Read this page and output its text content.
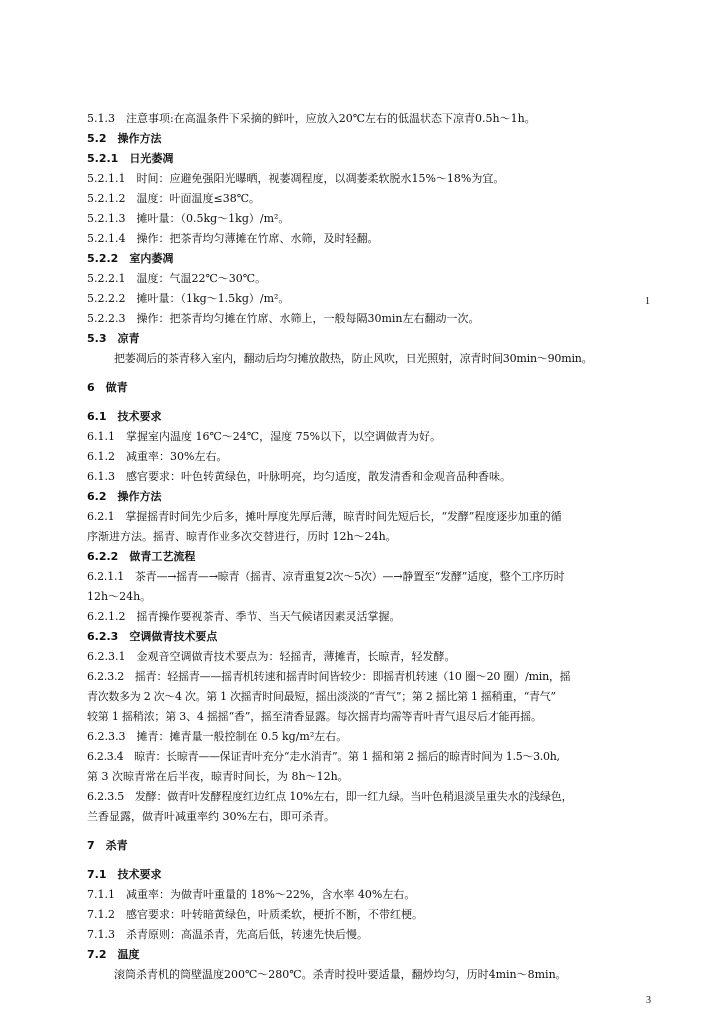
5.1.3　注意事项:在高温条件下采摘的鲜叶，应放入20℃左右的低温状态下凉青0.5h～1h。

5.2　操作方法

5.2.1　日光萎凋

5.2.1.1　时间：应避免强阳光曝晒，视萎凋程度，以凋萎柔软脱水15%～18%为宜。

5.2.1.2　温度：叶面温度≤38℃。

5.2.1.3　摊叶量：（0.5kg～1kg）/m²。

5.2.1.4　操作：把茶青均匀薄摊在竹席、水筛，及时轻翻。

5.2.2　室内萎凋

5.2.2.1　温度：气温22℃～30℃。

5.2.2.2　摊叶量：（1kg～1.5kg）/m²。

5.2.2.3　操作：把茶青均匀摊在竹席、水筛上，一般每隔30min左右翻动一次。

1

5.3　凉青

把萎凋后的茶青移入室内，翻动后均匀摊放散热，防止风吹，日光照射，凉青时间30min～90min。

6　做青

6.1　技术要求

6.1.1　掌握室内温度 16℃～24℃，湿度 75%以下，以空调做青为好。

6.1.2　减重率：30%左右。

6.1.3　感官要求：叶色转黄绿色，叶脉明亮，均匀适度，散发清香和金观音品种香味。

6.2　操作方法

6.2.1　掌握摇青时间先少后多，摊叶厚度先厚后薄，晾青时间先短后长，“发酵”程度逐步加重的循

序渐进方法。摇青、晾青作业多次交替进行，历时 12h～24h。

6.2.2　做青工艺流程

6.2.1.1　茶青—→摇青—→晾青（摇青、凉青重复2次～5次）—→静置至“发酵”适度，整个工序历时

12h～24h。

6.2.1.2　摇青操作要视茶青、季节、当天气候诸因素灵活掌握。

6.2.3　空调做青技术要点

6.2.3.1　金观音空调做青技术要点为：轻摇青，薄摊青，长晾青，轻发酵。

6.2.3.2　摇青：轻摇青——摇青机转速和摇青时间皆较少：即摇青机转速（10 圈～20 圈）/min，摇

青次数多为 2 次～4 次。第 1 次摇青时间最短，摇出淡淡的“青气”；第 2 摇比第 1 摇稍重，“青气”

较第 1 摇稍浓；第 3、4 摇摇“香”，摇至清香显露。每次摇青均需等青叶青气退尽后才能再摇。

6.2.3.3　摊青：摊青量一般控制在 0.5 kg/m²左右。

6.2.3.4　晾青：长晾青——保证青叶充分“走水消青”。第 1 摇和第 2 摇后的晾青时间为 1.5～3.0h,

第 3 次晾青常在后半夜，晾青时间长，为 8h～12h。

6.2.3.5　发酵：做青叶发酵程度红边红点 10%左右，即一红九绿。当叶色稍退淡呈重失水的浅绿色，

兰香显露，做青叶减重率约 30%左右，即可杀青。

7　杀青

7.1　技术要求

7.1.1　减重率：为做青叶重量的 18%～22%，含水率 40%左右。

7.1.2　感官要求：叶转暗黄绿色，叶质柔软，梗折不断，不带红梗。

7.1.3　杀青原则：高温杀青，先高后低，转速先快后慢。

7.2　温度

滚筒杀青机的筒壁温度200℃～280℃。杀青时投叶要适量，翻炒均匀，历时4min～8min。

3
